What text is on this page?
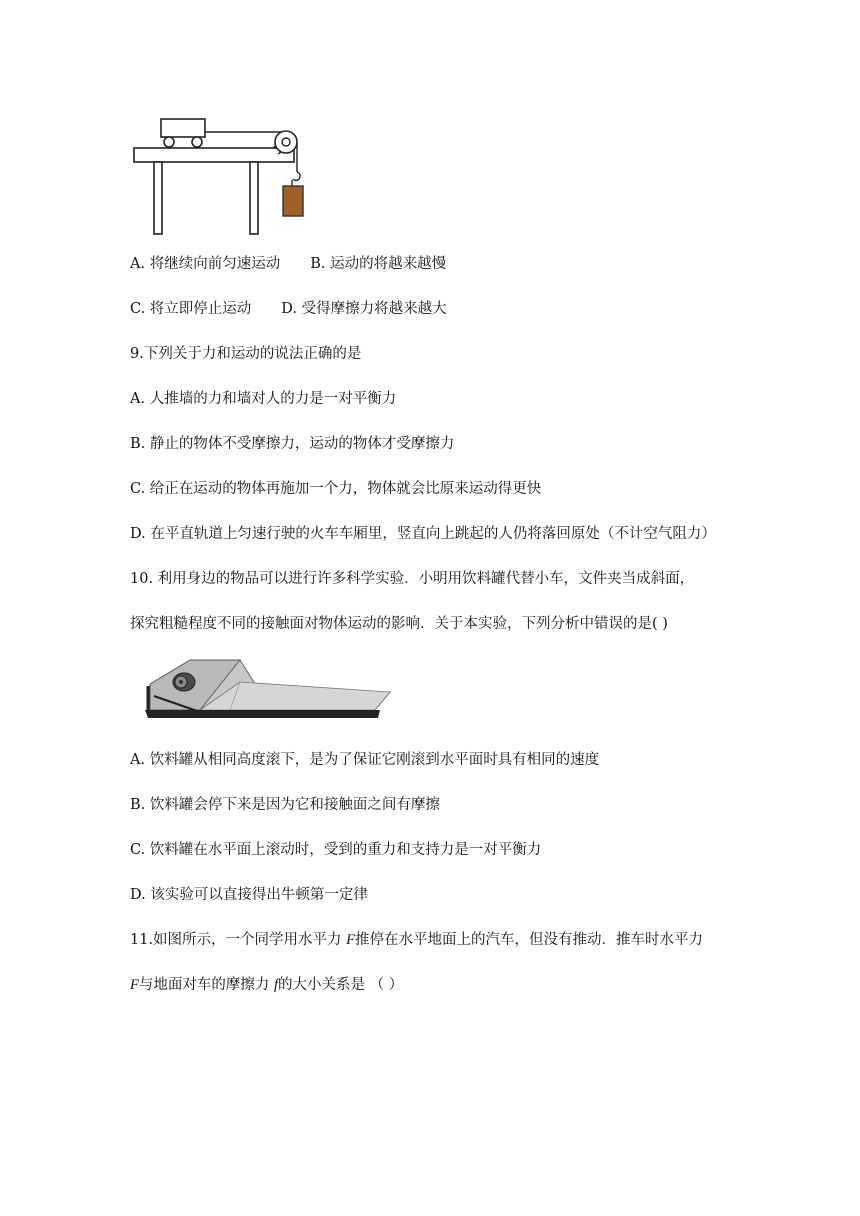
A. 将继续向前匀速运动 B. 运动的将越来越慢
C. 将立即停止运动 D. 受得摩擦力将越来越大
9.下列关于力和运动的说法正确的是
A. 人推墙的力和墙对人的力是一对平衡力
B. 静止的物体不受摩擦力，运动的物体才受摩擦力
C. 给正在运动的物体再施加一个力，物体就会比原来运动得更快
D. 在平直轨道上匀速行驶的火车车厢里，竖直向上跳起的人仍将落回原处（不计空气阻力）
10. 利用身边的物品可以进行许多科学实验．小明用饮料罐代替小车，文件夹当成斜面，
探究粗糙程度不同的接触面对物体运动的影响．关于本实验，下列分析中错误的是( )
A. 饮料罐从相同高度滚下，是为了保证它刚滚到水平面时具有相同的速度
B. 饮料罐会停下来是因为它和接触面之间有摩擦
C. 饮料罐在水平面上滚动时，受到的重力和支持力是一对平衡力
D. 该实验可以直接得出牛顿第一定律
11.如图所示，一个同学用水平力 F推停在水平地面上的汽车，但没有推动．推车时水平力
F与地面对车的摩擦力 f的大小关系是 （ ）
